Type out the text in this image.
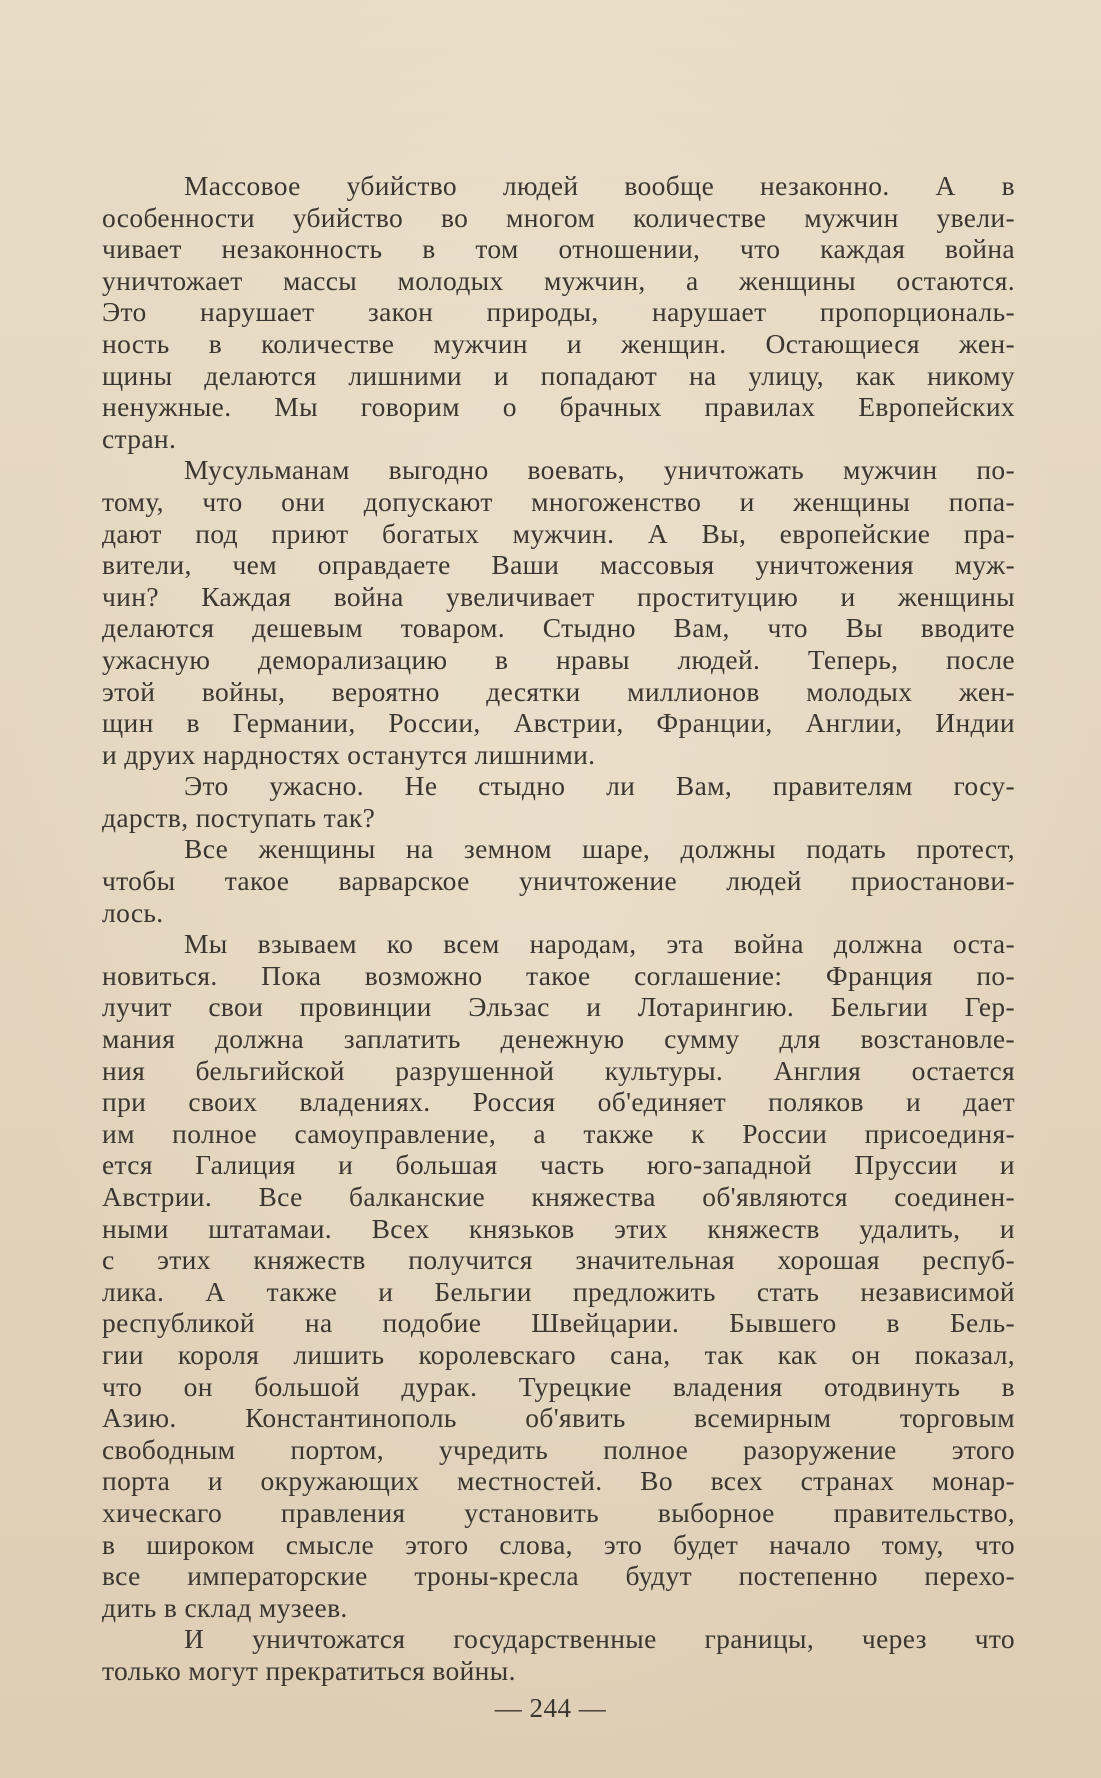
Массовое убийство людей вообще незаконно. А в
особенности убийство во многом количестве мужчин увели-
чивает незаконность в том отношении, что каждая война
уничтожает массы молодых мужчин, а женщины остаются.
Это нарушает закон природы, нарушает пропорциональ-
ность в количестве мужчин и женщин. Остающиеся жен-
щины делаются лишними и попадают на улицу, как никому
ненужные. Мы говорим о брачных правилах Европейских
стран.
Мусульманам выгодно воевать, уничтожать мужчин по-
тому, что они допускают многоженство и женщины попа-
дают под приют богатых мужчин. А Вы, европейские пра-
вители, чем оправдаете Ваши массовыя уничтожения муж-
чин? Каждая война увеличивает проституцию и женщины
делаются дешевым товаром. Стыдно Вам, что Вы вводите
ужасную деморализацию в нравы людей. Теперь, после
этой войны, вероятно десятки миллионов молодых жен-
щин в Германии, России, Австрии, Франции, Англии, Индии
и друих нардностях останутся лишними.
Это ужасно. Не стыдно ли Вам, правителям госу-
дарств, поступать так?
Все женщины на земном шаре, должны подать протест,
чтобы такое варварское уничтожение людей приостанови-
лось.
Мы взываем ко всем народам, эта война должна оста-
новиться. Пока возможно такое соглашение: Франция по-
лучит свои провинции Эльзас и Лотарингию. Бельгии Гер-
мания должна заплатить денежную сумму для возстановле-
ния бельгийской разрушенной культуры. Англия остается
при своих владениях. Россия об'единяет поляков и дает
им полное самоуправление, а также к России присоединя-
ется Галиция и большая часть юго-западной Пруссии и
Австрии. Все балканские княжества об'являются соединен-
ными штатамаи. Всех князьков этих княжеств удалить, и
с этих княжеств получится значительная хорошая респуб-
лика. А также и Бельгии предложить стать независимой
республикой на подобие Швейцарии. Бывшего в Бель-
гии короля лишить королевскаго сана, так как он показал,
что он большой дурак. Турецкие владения отодвинуть в
Азию. Константинополь об'явить всемирным торговым
свободным портом, учредить полное разоружение этого
порта и окружающих местностей. Во всех странах монар-
хическаго правления установить выборное правительство,
в широком смысле этого слова, это будет начало тому, что
все императорские троны-кресла будут постепенно перехо-
дить в склад музеев.
И уничтожатся государственные границы, через что
только могут прекратиться войны.
— 244 —
